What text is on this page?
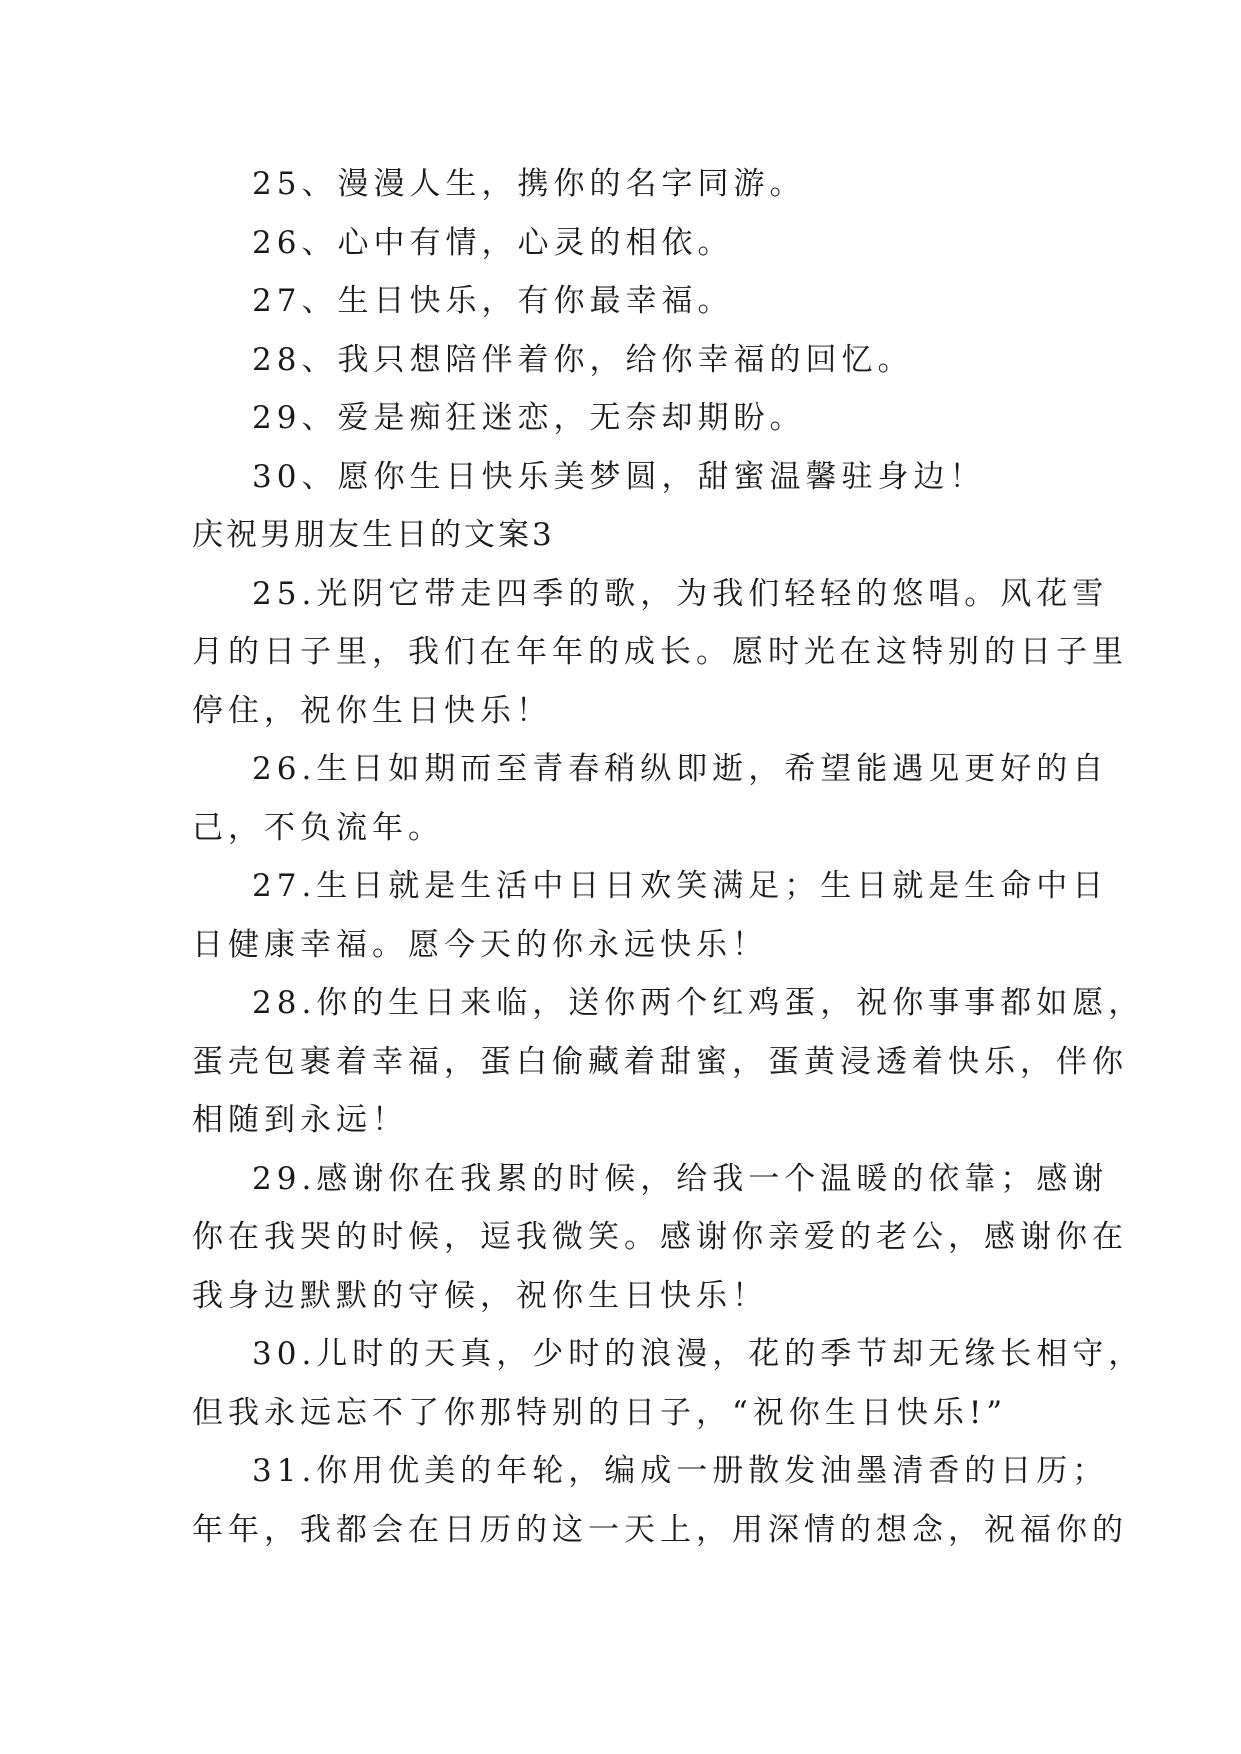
25、漫漫人生，携你的名字同游。
26、心中有情，心灵的相依。
27、生日快乐，有你最幸福。
28、我只想陪伴着你，给你幸福的回忆。
29、爱是痴狂迷恋，无奈却期盼。
30、愿你生日快乐美梦圆，甜蜜温馨驻身边！
庆祝男朋友生日的文案3
25.光阴它带走四季的歌，为我们轻轻的悠唱。风花雪
月的日子里，我们在年年的成长。愿时光在这特别的日子里
停住，祝你生日快乐！
26.生日如期而至青春稍纵即逝，希望能遇见更好的自
己，不负流年。
27.生日就是生活中日日欢笑满足；生日就是生命中日
日健康幸福。愿今天的你永远快乐！
28.你的生日来临，送你两个红鸡蛋，祝你事事都如愿，
蛋壳包裹着幸福，蛋白偷藏着甜蜜，蛋黄浸透着快乐，伴你
相随到永远！
29.感谢你在我累的时候，给我一个温暖的依靠；感谢
你在我哭的时候，逗我微笑。感谢你亲爱的老公，感谢你在
我身边默默的守候，祝你生日快乐！
30.儿时的天真，少时的浪漫，花的季节却无缘长相守，
但我永远忘不了你那特别的日子，“祝你生日快乐!”
31.你用优美的年轮，编成一册散发油墨清香的日历；
年年，我都会在日历的这一天上，用深情的想念，祝福你的
